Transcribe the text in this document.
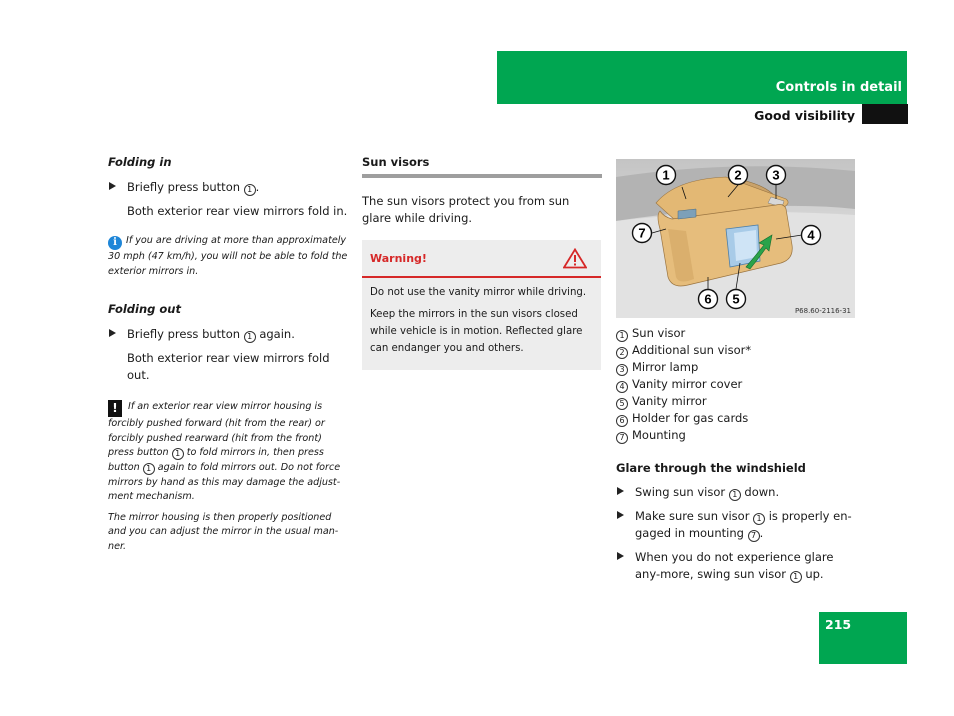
Controls in detail
Good visibility
Folding in
Briefly press button 1 .
Both exterior rear view mirrors fold in.
i If you are driving at more than approximately 30 mph (47 km/h), you will not be able to fold the exterior mirrors in.
Folding out
Briefly press button 1 again.
Both exterior rear view mirrors fold out.
! If an exterior rear view mirror housing is forcibly pushed forward (hit from the rear) or forcibly pushed rearward (hit from the front) press button 1 to fold mirrors in, then press button 1 again to fold mirrors out. Do not force mirrors by hand as this may damage the adjust-ment mechanism.
The mirror housing is then properly positioned and you can adjust the mirror in the usual man-ner.
Sun visors
The sun visors protect you from sun glare while driving.
Warning!

Do not use the vanity mirror while driving.

Keep the mirrors in the sun visors closed while vehicle is in motion. Reflected glare can endanger you and others.

1	2 3
4
5
6
7
P68.60-2116-31
1 Sun visor
2 Additional sun visor*
3 Mirror lamp
4 Vanity mirror cover
5 Vanity mirror
6 Holder for gas cards
7 Mounting
Glare through the windshield
Swing sun visor 1 down.
Make sure sun visor 1 is properly en-gaged in mounting 7 .
When you do not experience glare any-more, swing sun visor 1 up.
215
